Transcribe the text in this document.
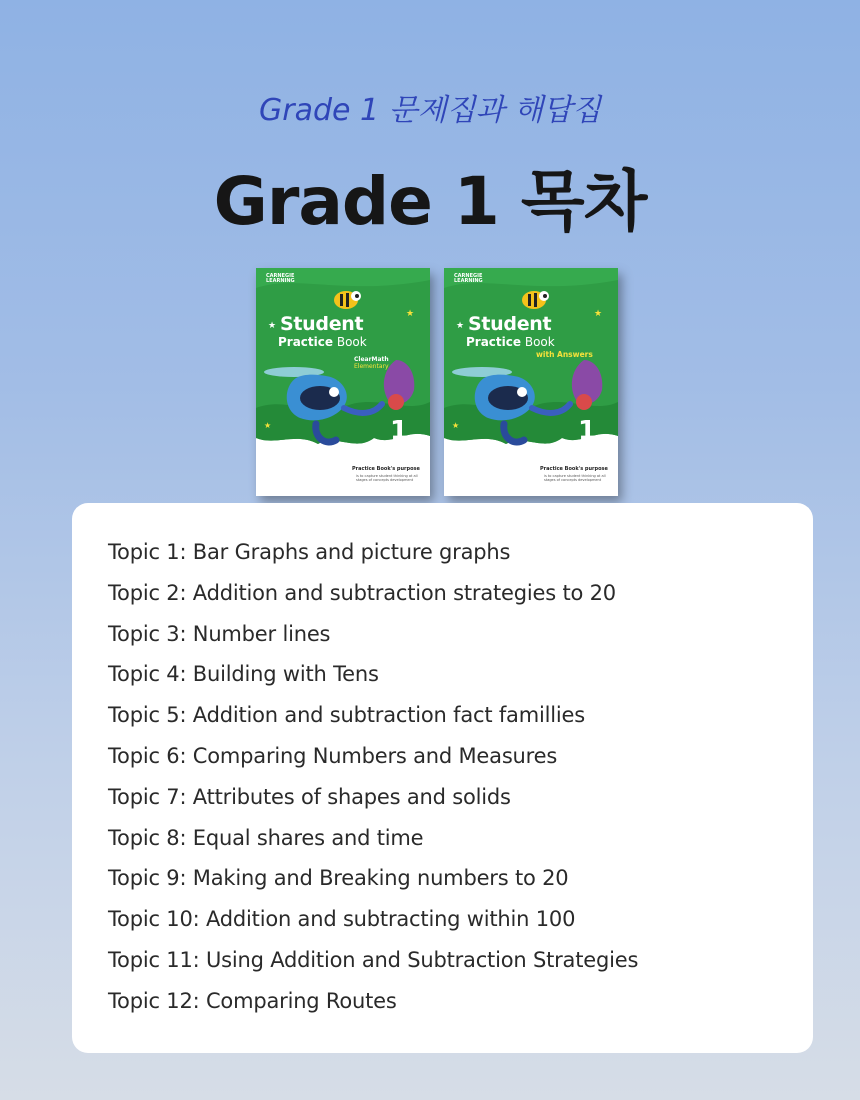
Grade 1 문제집과 해답집
Grade 1 목차
★
★
★
CARNEGIE LEARNING
Student
Practice Book
ClearMath
Elementary
1
Practice Book's purpose
is to capture student thinking at all stages of concepts development
★
★
★
CARNEGIE LEARNING
Student
Practice Book
with Answers
1
Practice Book's purpose
is to capture student thinking at all stages of concepts development
Topic 1: Bar Graphs and picture graphs
Topic 2: Addition and subtraction strategies to 20
Topic 3: Number lines
Topic 4: Building with Tens
Topic 5: Addition and subtraction fact famillies
Topic 6: Comparing Numbers and Measures
Topic 7: Attributes of shapes and solids
Topic 8: Equal shares and time
Topic 9: Making and Breaking numbers to 20
Topic 10: Addition and subtracting within 100
Topic 11: Using Addition and Subtraction Strategies
Topic 12: Comparing Routes
